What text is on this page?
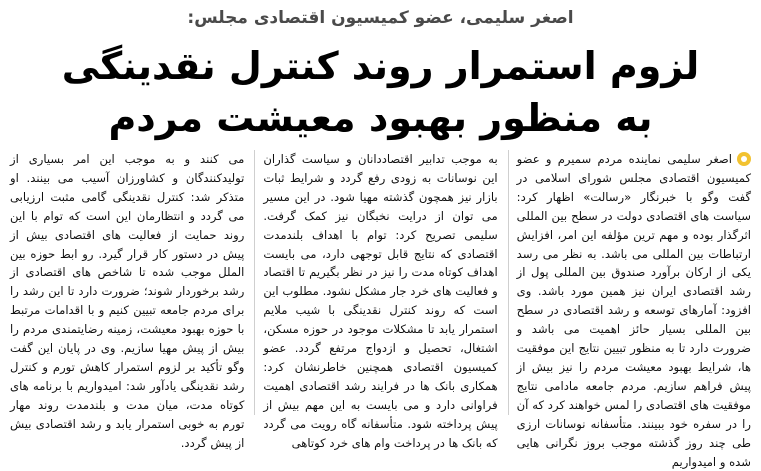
اصغر سلیمی، عضو کمیسیون اقتصادی مجلس:
لزوم استمرار روند کنترل نقدینگی
به منظور بهبود معیشت مردم

اصغر سلیمی نماینده مردم سمیرم و عضو کمیسیون اقتصادی مجلس شورای اسلامی در گفت وگو با خبرنگار «رسالت» اظهار کرد: سیاست های اقتصادی دولت در سطح بین المللی اثرگذار بوده و مهم ترین مؤلفه این امر، افزایش ارتباطات بین المللی می باشد. به نظر می رسد یکی از ارکان برآورد صندوق بین المللی پول از رشد اقتصادی ایران نیز همین مورد باشد. وی افزود: آمارهای توسعه و رشد اقتصادی در سطح بین المللی بسیار حائز اهمیت می باشد و ضرورت دارد تا به منظور تبیین نتایج این موفقیت ها، شرایط بهبود معیشت مردم را نیز بیش از پیش فراهم سازیم. مردم جامعه مادامی نتایج موفقیت های اقتصادی را لمس خواهند کرد که آن را در سفره خود ببینند. متأسفانه نوسانات ارزی طی چند روز گذشته موجب بروز نگرانی هایی شده و امیدواریم

به موجب تدابیر اقتصاددانان و سیاست گذاران این نوسانات به زودی رفع گردد و شرایط ثبات بازار نیز همچون گذشته مهیا شود. در این مسیر می توان از درایت نخبگان نیز کمک گرفت. سلیمی تصریح کرد: توام با اهداف بلندمدت اقتصادی که نتایج قابل توجهی دارد، می بایست اهداف کوتاه مدت را نیز در نظر بگیریم تا اقتصاد و فعالیت های خرد جار مشکل نشود. مطلوب این است که روند کنترل نقدینگی با شیب ملایم استمرار یابد تا مشکلات موجود در حوزه مسکن، اشتغال، تحصیل و ازدواج مرتفع گردد. عضو کمیسیون اقتصادی همچنین خاطرنشان کرد: همکاری بانک ها در فرایند رشد اقتصادی اهمیت فراوانی دارد و می بایست به این مهم بیش از پیش پرداخته شود. متأسفانه گاه رویت می گردد که بانک ها در پرداخت وام های خرد کوتاهی

می کنند و به موجب این امر بسیاری از تولیدکنندگان و کشاورزان آسیب می بینند. او متذکر شد: کنترل نقدینگی گامی مثبت ارزیابی می گردد و انتظارمان این است که توام با این روند حمایت از فعالیت های اقتصادی بیش از پیش در دستور کار قرار گیرد. رو ابط حوزه بین الملل موجب شده تا شاخص های اقتصادی از رشد برخوردار شوند؛ ضرورت دارد تا این رشد را برای مردم جامعه تبیین کنیم و با اقدامات مرتبط با حوزه بهبود معیشت، زمینه رضایتمندی مردم را بیش از پیش مهیا سازیم. وی در پایان این گفت وگو تأکید بر لزوم استمرار کاهش تورم و کنترل رشد نقدینگی یادآور شد: امیدواریم با برنامه های کوتاه مدت، میان مدت و بلندمدت روند مهار تورم به خوبی استمرار یابد و رشد اقتصادی بیش از پیش گردد.
